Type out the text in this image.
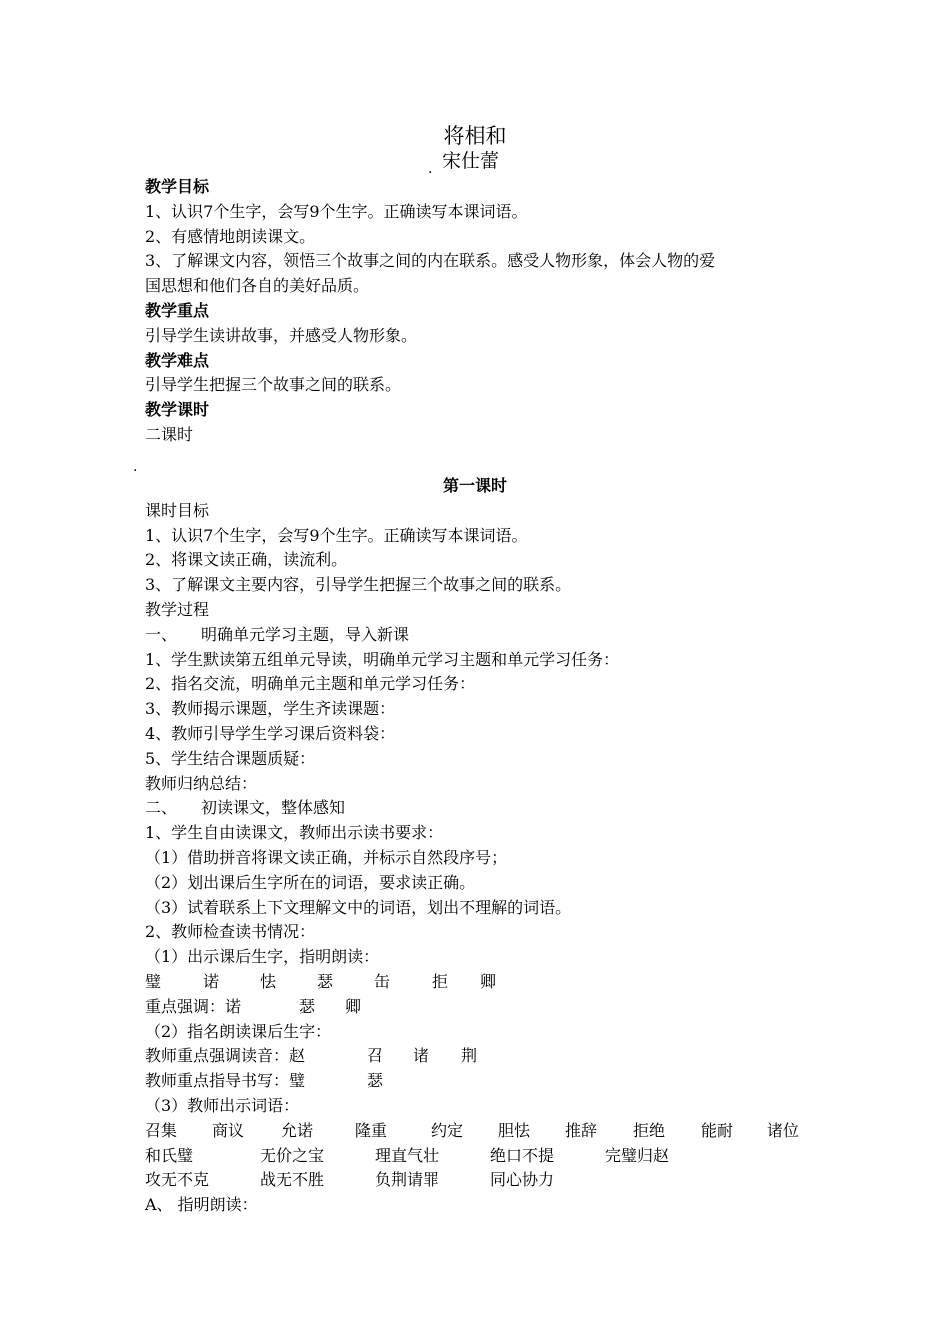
将相和
. 宋仕蕾
教学目标
1、认识7个生字，会写9个生字。正确读写本课词语。
2、有感情地朗读课文。
3、了解课文内容，领悟三个故事之间的内在联系。感受人物形象，体会人物的爱
国思想和他们各自的美好品质。
教学重点
引导学生读讲故事，并感受人物形象。
教学难点
引导学生把握三个故事之间的联系。
教学课时
二课时
.
第一课时
课时目标
1、认识7个生字，会写9个生字。正确读写本课词语。
2、将课文读正确，读流利。
3、了解课文主要内容，引导学生把握三个故事之间的联系。
教学过程
一、　　明确单元学习主题，导入新课
1、学生默读第五组单元导读，明确单元学习主题和单元学习任务：
2、指名交流，明确单元主题和单元学习任务：
3、教师揭示课题，学生齐读课题：
4、教师引导学生学习课后资料袋：
5、学生结合课题质疑：
教师归纳总结：
二、　　初读课文，整体感知
1、学生自由读课文，教师出示读书要求：
（1）借助拼音将课文读正确，并标示自然段序号；
（2）划出课后生字所在的词语，要求读正确。
（3）试着联系上下文理解文中的词语，划出不理解的词语。
2、教师检查读书情况：
（1）出示课后生字，指明朗读：
璧	诺	怯	瑟	缶	拒 卿
重点强调：诺	瑟 卿
（2）指名朗读课后生字：
教师重点强调读音：赵	召 诸 荆
教师重点指导书写：璧	瑟
（3）教师出示词语：
召集 商议 允诺	隆重	约定 胆怯 推辞 拒绝 能耐 诸位
和氏璧	无价之宝	理直气壮	绝口不提	完璧归赵
攻无不克	战无不胜	负荆请罪	同心协力
A、 指明朗读：
